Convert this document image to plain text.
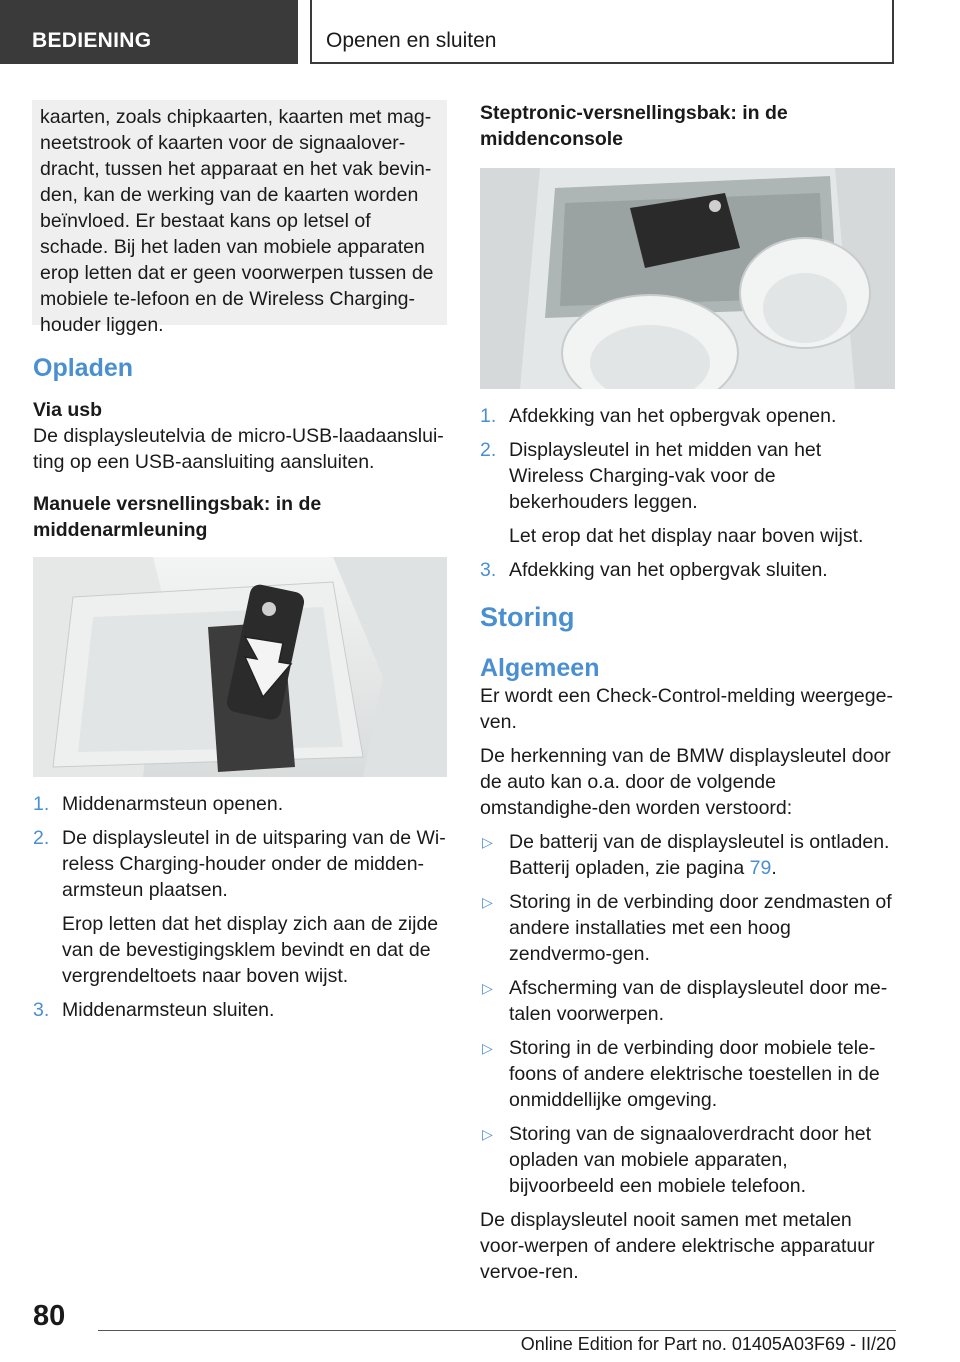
BEDIENING	Openen en sluiten

kaarten, zoals chipkaarten, kaarten met mag-neetstrook of kaarten voor de signaalover-dracht, tussen het apparaat en het vak bevin-den, kan de werking van de kaarten worden beïnvloed. Er bestaat kans op letsel of schade. Bij het laden van mobiele apparaten erop letten dat er geen voorwerpen tussen de mobiele te-lefoon en de Wireless Charging-houder liggen.

Opladen
Via usb

De displaysleutelvia de micro-USB-laadaanslui-ting op een USB-aansluiting aansluiten.

Manuele versnellingsbak: in de middenarmleuning
1. Middenarmsteun openen.
2. De displaysleutel in de uitsparing van de Wi-reless Charging-houder onder de midden-armsteun plaatsen.
Erop letten dat het display zich aan de zijde van de bevestigingsklem bevindt en dat de vergrendeltoets naar boven wijst.
3. Middenarmsteun sluiten.
Steptronic-versnellingsbak: in de middenconsole
1. Afdekking van het opbergvak openen.
2. Displaysleutel in het midden van het Wireless Charging-vak voor de bekerhouders leggen.
Let erop dat het display naar boven wijst.
3. Afdekking van het opbergvak sluiten.
Storing
Algemeen

Er wordt een Check-Control-melding weergege-ven.

De herkenning van de BMW displaysleutel door de auto kan o.a. door de volgende omstandighe-den worden verstoord:

▷ De batterij van de displaysleutel is ontladen. Batterij opladen, zie pagina 79.
▷ Storing in de verbinding door zendmasten of andere installaties met een hoog zendvermo-gen.
▷ Afscherming van de displaysleutel door me-talen voorwerpen.
▷ Storing in de verbinding door mobiele tele-foons of andere elektrische toestellen in de onmiddellijke omgeving.
▷ Storing van de signaaloverdracht door het opladen van mobiele apparaten, bijvoorbeeld een mobiele telefoon.

De displaysleutel nooit samen met metalen voor-werpen of andere elektrische apparatuur vervoe-ren.

80
Online Edition for Part no. 01405A03F69 - II/20
